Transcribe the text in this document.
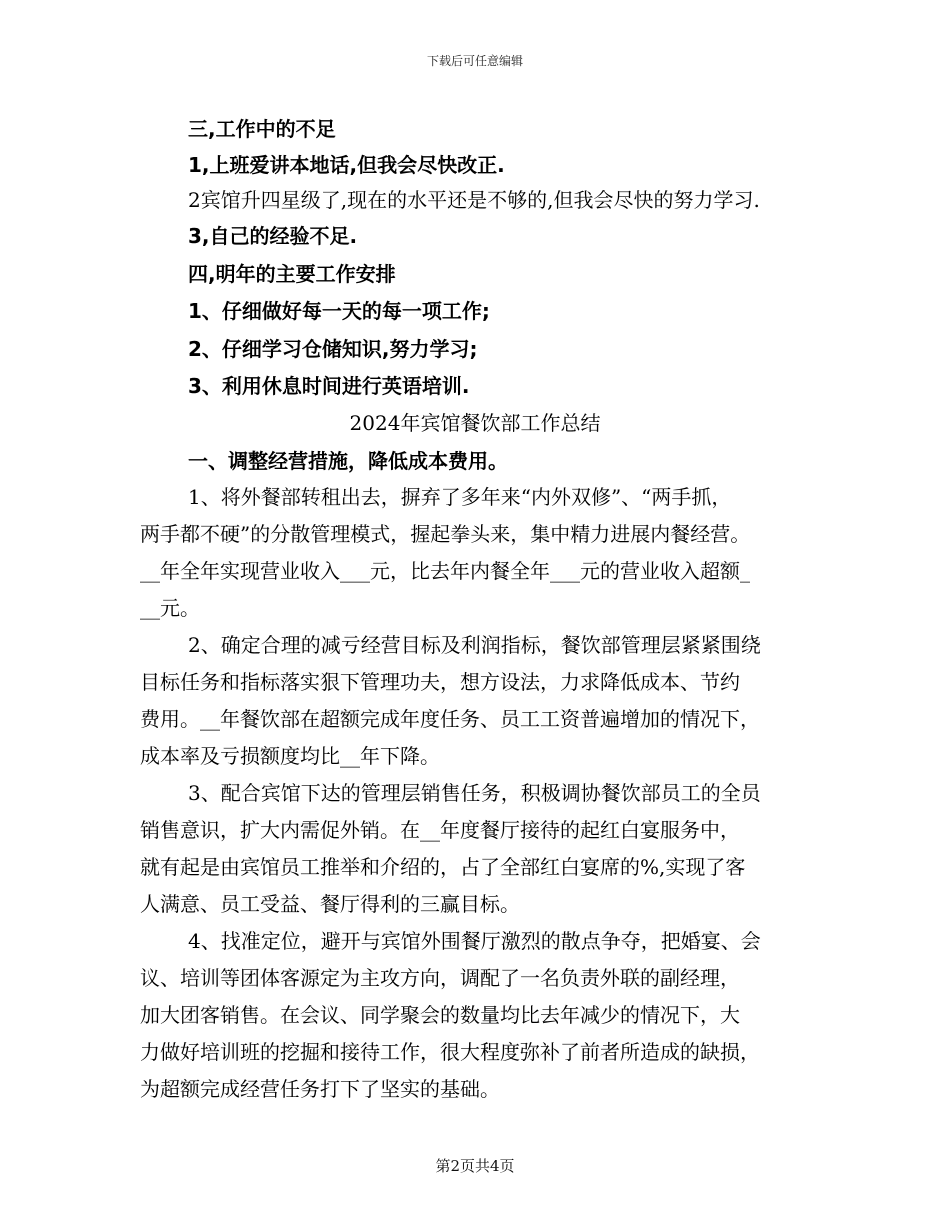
下载后可任意编辑
三,工作中的不足
1,上班爱讲本地话,但我会尽快改正.
2宾馆升四星级了,现在的水平还是不够的,但我会尽快的努力学习.
3,自己的经验不足.
四,明年的主要工作安排
1、仔细做好每一天的每一项工作;
2、仔细学习仓储知识,努力学习;
3、利用休息时间进行英语培训.
2024年宾馆餐饮部工作总结
一、调整经营措施，降低成本费用。
1、将外餐部转租出去，摒弃了多年来“内外双修”、“两手抓，
两手都不硬”的分散管理模式，握起拳头来，集中精力进展内餐经营。
__年全年实现营业收入___元，比去年内餐全年___元的营业收入超额_
__元。
2、确定合理的减亏经营目标及利润指标，餐饮部管理层紧紧围绕
目标任务和指标落实狠下管理功夫，想方设法，力求降低成本、节约
费用。__年餐饮部在超额完成年度任务、员工工资普遍增加的情况下，
成本率及亏损额度均比__年下降。
3、配合宾馆下达的管理层销售任务，积极调协餐饮部员工的全员
销售意识，扩大内需促外销。在__年度餐厅接待的起红白宴服务中，
就有起是由宾馆员工推举和介绍的，占了全部红白宴席的%,实现了客
人满意、员工受益、餐厅得利的三赢目标。
4、找准定位，避开与宾馆外围餐厅激烈的散点争夺，把婚宴、会
议、培训等团体客源定为主攻方向，调配了一名负责外联的副经理，
加大团客销售。在会议、同学聚会的数量均比去年减少的情况下，大
力做好培训班的挖掘和接待工作，很大程度弥补了前者所造成的缺损，
为超额完成经营任务打下了坚实的基础。
第2页共4页
